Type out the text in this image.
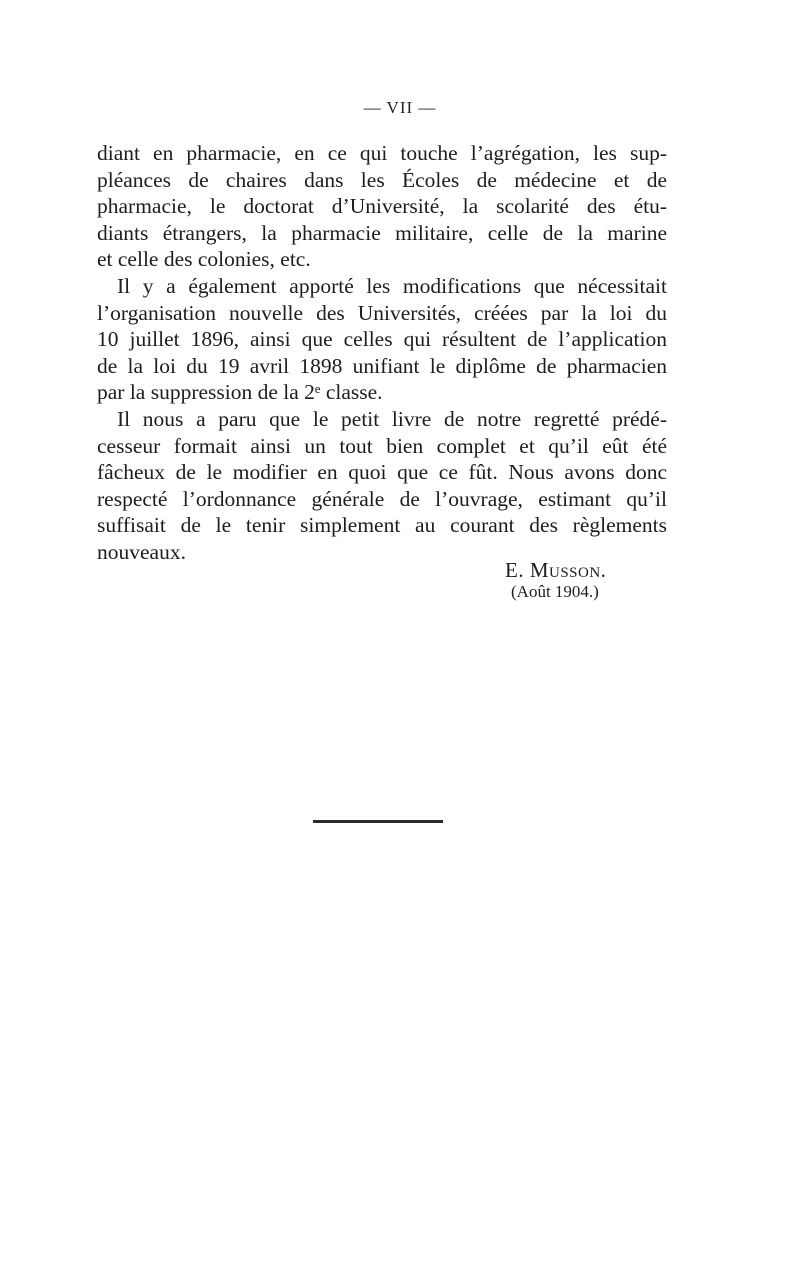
— VII —

diant en pharmacie, en ce qui touche l’agrégation, les sup-
pléances de chaires dans les Écoles de médecine et de
pharmacie, le doctorat d’Université, la scolarité des étu-
diants étrangers, la pharmacie militaire, celle de la marine
et celle des colonies, etc.

Il y a également apporté les modifications que nécessitait
l’organisation nouvelle des Universités, créées par la loi du
10 juillet 1896, ainsi que celles qui résultent de l’application
de la loi du 19 avril 1898 unifiant le diplôme de pharmacien
par la suppression de la 2ᵉ classe.

Il nous a paru que le petit livre de notre regretté prédé-
cesseur formait ainsi un tout bien complet et qu’il eût été
fâcheux de le modifier en quoi que ce fût. Nous avons donc
respecté l’ordonnance générale de l’ouvrage, estimant qu’il
suffisait de le tenir simplement au courant des règlements
nouveaux.

E. Musson.
(Août 1904.)
